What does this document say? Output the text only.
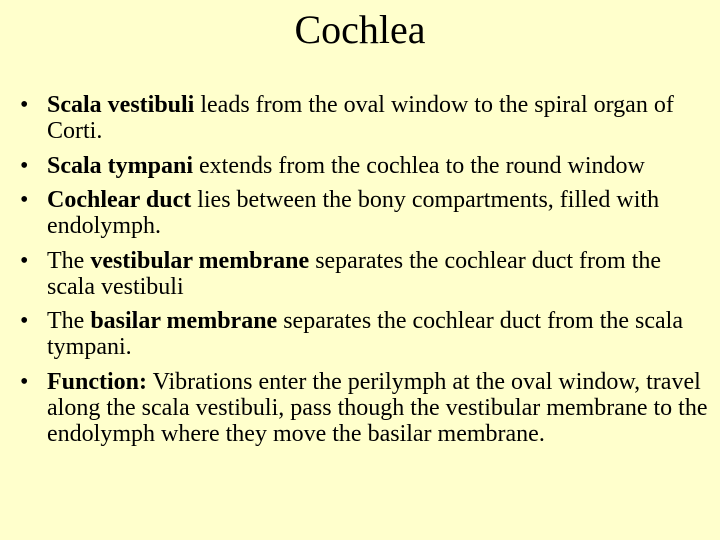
Cochlea
• Scala vestibuli leads from the oval window to the spiral organ of Corti.
• Scala tympani extends from the cochlea to the round window
• Cochlear duct lies between the bony compartments, filled with endolymph.
• The vestibular membrane separates the cochlear duct from the scala vestibuli
• The basilar membrane separates the cochlear duct from the scala tympani.
• Function: Vibrations enter the perilymph at the oval window, travel along the scala vestibuli, pass though the vestibular membrane to the endolymph where they move the basilar membrane.
